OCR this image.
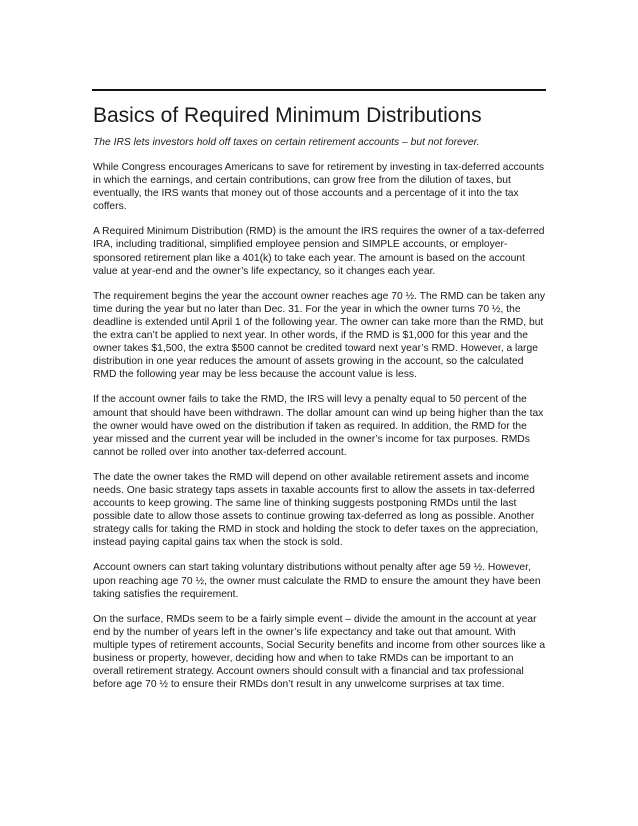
Basics of Required Minimum Distributions

The IRS lets investors hold off taxes on certain retirement accounts – but not forever.

While Congress encourages Americans to save for retirement by investing in tax-deferred accounts in which the earnings, and certain contributions, can grow free from the dilution of taxes, but eventually, the IRS wants that money out of those accounts and a percentage of it into the tax coffers.

A Required Minimum Distribution (RMD) is the amount the IRS requires the owner of a tax-deferred IRA, including traditional, simplified employee pension and SIMPLE accounts, or employer-sponsored retirement plan like a 401(k) to take each year. The amount is based on the account value at year-end and the owner’s life expectancy, so it changes each year.

The requirement begins the year the account owner reaches age 70 ½. The RMD can be taken any time during the year but no later than Dec. 31. For the year in which the owner turns 70 ½, the deadline is extended until April 1 of the following year. The owner can take more than the RMD, but the extra can’t be applied to next year. In other words, if the RMD is $1,000 for this year and the owner takes $1,500, the extra $500 cannot be credited toward next year’s RMD. However, a large distribution in one year reduces the amount of assets growing in the account, so the calculated RMD the following year may be less because the account value is less.

If the account owner fails to take the RMD, the IRS will levy a penalty equal to 50 percent of the amount that should have been withdrawn. The dollar amount can wind up being higher than the tax the owner would have owed on the distribution if taken as required. In addition, the RMD for the year missed and the current year will be included in the owner’s income for tax purposes. RMDs cannot be rolled over into another tax-deferred account.

The date the owner takes the RMD will depend on other available retirement assets and income needs. One basic strategy taps assets in taxable accounts first to allow the assets in tax-deferred accounts to keep growing. The same line of thinking suggests postponing RMDs until the last possible date to allow those assets to continue growing tax-deferred as long as possible. Another strategy calls for taking the RMD in stock and holding the stock to defer taxes on the appreciation, instead paying capital gains tax when the stock is sold.

Account owners can start taking voluntary distributions without penalty after age 59 ½. However, upon reaching age 70 ½, the owner must calculate the RMD to ensure the amount they have been taking satisfies the requirement.

On the surface, RMDs seem to be a fairly simple event – divide the amount in the account at year end by the number of years left in the owner’s life expectancy and take out that amount. With multiple types of retirement accounts, Social Security benefits and income from other sources like a business or property, however, deciding how and when to take RMDs can be important to an overall retirement strategy. Account owners should consult with a financial and tax professional before age 70 ½ to ensure their RMDs don’t result in any unwelcome surprises at tax time.
